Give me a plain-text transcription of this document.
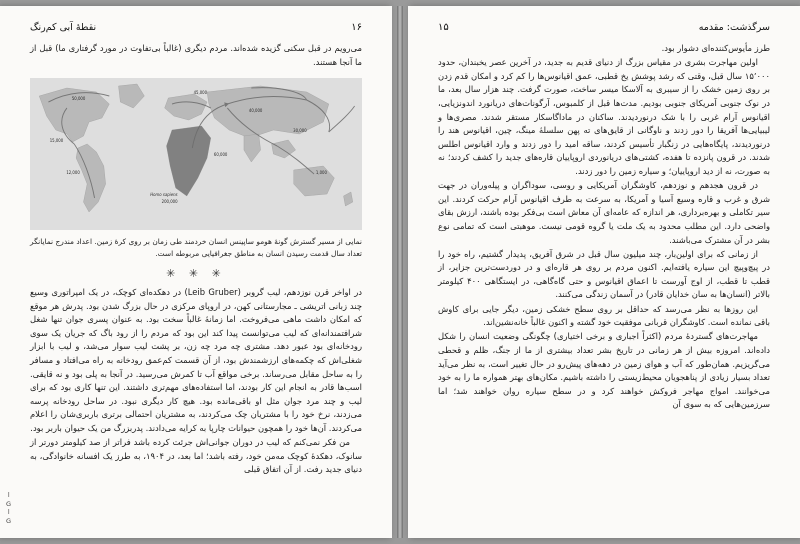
سرگذشت: مقدمه
۱۵

طرز مأیوس‌کننده‌ای دشوار بود.

اولین مهاجرت بشری در مقیاس بزرگ از دنیای قدیم به جدید، در آخرین عصر یخبندان، حدود ۱۵٬۰۰۰ سال قبل، وقتی که رشد پوشش یخ قطبی، عمق اقیانوس‌ها را کم کرد و امکان قدم زدن بر روی زمین خشک را از سیبری به آلاسکا میسر ساخت، صورت گرفت. چند هزار سال بعد، ما در نوک جنوبی آمریکای جنوبی بودیم. مدت‌ها قبل از کلمبوس، آرگونات‌های دریانورد اندونزیایی، اقیانوس آرام غربی را با شک درنوردیدند. ساکنان در ماداگاسکار مستقر شدند. مصری‌ها و لیبیایی‌ها آفریقا را دور زدند و ناوگانی از قایق‌های ته پهن سلسلهٔ مینگ، چین، اقیانوس هند را درنوردیدند، پایگاه‌هایی در زنگبار تأسیس کردند، ساقه امید را دور زدند و وارد اقیانوس اطلس شدند. در قرون پانزده تا هفده، کشتی‌های دریانوردی اروپاییان قاره‌های جدید را کشف کردند؛ نه به صورت، نه از دید اروپاییان؛ و سیاره زمین را دور زدند.

در قرون هجدهم و نوزدهم، کاوشگران آمریکایی و روسی، سوداگران و پیله‌وران در جهت شرق و غرب و قاره وسیع آسیا و آمریکا، به سرعت به طرف اقیانوس آرام حرکت کردند. این سیر تکاملی و بهره‌برداری، هر اندازه که عامه‌ای آن معاش است بی‌فکر بوده باشند، ارزش بقای واضحی دارد. این مطلب محدود به یک ملت یا گروه قومی نیست. موهبتی است که تمامی نوع بشر در آن مشترک می‌باشند.

از زمانی که برای اولین‌بار، چند میلیون سال قبل در شرق آفریق، پدیدار گشتیم، راه خود را در پیچ‌وپیچ این سیاره یافته‌ایم. اکنون مردم بر روی هر قاره‌ای و در دوردست‌ترین جزایر، از قطب تا قطب، از اوج آورست تا اعماق اقیانوس و حتی گاه‌گاهی، در ایستگاهی ۴۰۰ کیلومتر بالاتر (انسان‌ها به سان خدایان قادر) در آسمان زندگی می‌کنند.

این روزها به نظر می‌رسد که حداقل بر روی سطح خشکی زمین، دیگر جایی برای کاوش باقی نمانده است. کاوشگران قربانی موفقیت خود گشته و اکنون غالباً خانه‌نشین‌اند.

مهاجرت‌های گستردهٔ مردم (اکثراً اجباری و برخی اختیاری) چگونگی وضعیت انسان را شکل داده‌اند. امروزه بیش از هر زمانی در تاریخ بشر تعداد بیشتری از ما از جنگ، ظلم و قحطی می‌گریزیم. همان‌طور که آب و هوای زمین در دهه‌های پیش‌رو در حال تغییر است، به نظر می‌آید تعداد بسیار زیادی از پناهجویان محیط‌زیستی را داشته باشیم. مکان‌های بهتر همواره ما را به خود می‌خوانند. امواج مهاجر فروکش خواهند کرد و در سطح سیاره روان خواهند شد؛ اما سرزمین‌هایی که به سوی آن

۱۶
نقطهٔ آبی کم‌رنگ

می‌رویم در قبل سکنی گزیده شده‌اند. مردم دیگری (غالباً بی‌تفاوت در مورد گرفتاری ما) قبل از ما آنجا هستند.

50,000
45,000
40,000
15,000
12,000
30,000
60,000
1,000
Homo sapiens
200,000
نمایی از مسیر گسترش گونهٔ هومو ساپینس انسان خردمند طی زمان بر روی کرهٔ زمین. اعداد مندرج نمایانگر تعداد سال قدمت رسیدن انسان به مناطق جغرافیایی مربوطه است.
✳ ✳ ✳

در اواخر قرن نوزدهم، لیب گروبر (Leib Gruber) در دهکده‌ای کوچک، در یک امپراتوری وسیع چند زبانی اتریشی ـ مجارستانی کهن، در اروپای مرکزی در حال بزرگ شدن بود. پدرش هر موقع که امکان داشت ماهی می‌فروخت. اما زمانهٔ غالباً سخت بود. به عنوان پسری جوان تنها شغل شرافتمندانه‌ای که لیب می‌توانست پیدا کند این بود که مردم را از رود باگ که جریان یک سوی رودخانه‌ای بود عبور دهد. مشتری چه مرد چه زن، بر پشت لیب سوار می‌شد، و لیب با ابزار شغلی‌اش که چکمه‌های ارزشمندش بود، از آن قسمت کم‌عمق رودخانه به راه می‌افتاد و مسافر را به ساحل مقابل می‌رساند. برخی مواقع آب تا کمرش می‌رسید. در آنجا به پلی بود و نه قایقی. اسب‌ها قادر به انجام این کار بودند، اما استفاده‌های مهم‌تری داشتند. این تنها کاری بود که برای لیب و چند مرد جوان مثل او باقی‌مانده بود. هیچ کار دیگری نبود. در ساحل رودخانه پرسه می‌زدند، نرخ خود را با مشتریان چک می‌کردند، به مشتریان احتمالی برتری باربری‌شان را اعلام می‌کردند. آن‌ها خود را همچون حیوانات چارپا به کرایه می‌دادند. پدربزرگ من یک حیوان باربر بود.

من فکر نمی‌کنم که لیب در دوران جوانی‌اش جرئت کرده باشد فراتر از صد کیلومتر دورتر از سانوک، دهکدهٔ کوچک مه‌من خود، رفته باشد؛ اما بعد، در ۱۹۰۴، به طرز یک افسانه خانوادگی، به دنیای جدید رفت. از آن اتفاق قبلی

ا
G
ا
G
